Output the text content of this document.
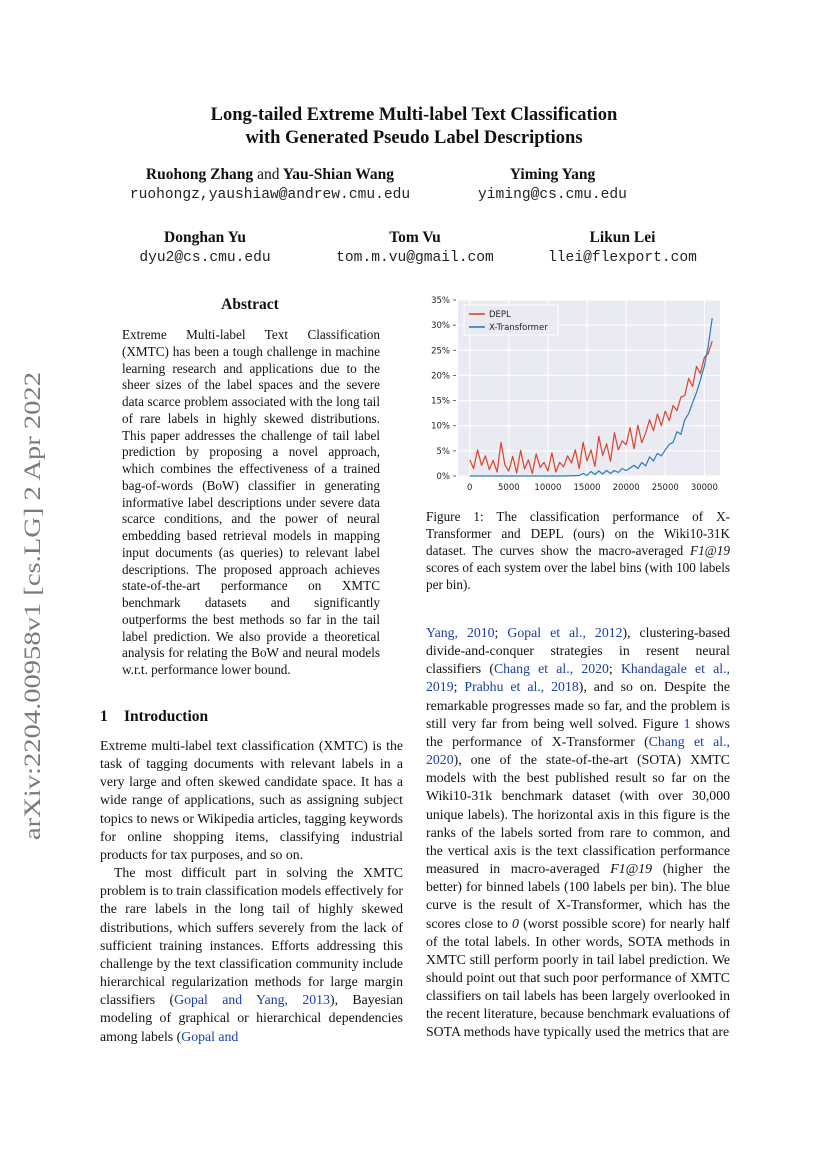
arXiv:2204.00958v1 [cs.LG] 2 Apr 2022
Long-tailed Extreme Multi-label Text Classification
with Generated Pseudo Label Descriptions
Ruohong Zhang and Yau-Shian Wang
ruohongz,yaushiaw@andrew.cmu.edu
Yiming Yang
yiming@cs.cmu.edu
Donghan Yu
dyu2@cs.cmu.edu
Tom Vu
tom.m.vu@gmail.com
Likun Lei
llei@flexport.com
Abstract
Extreme Multi-label Text Classification (XMTC) has been a tough challenge in machine learning research and applications due to the sheer sizes of the label spaces and the severe data scarce problem associated with the long tail of rare labels in highly skewed distributions. This paper addresses the challenge of tail label prediction by proposing a novel approach, which combines the effectiveness of a trained bag-of-words (BoW) classifier in generating informative label descriptions under severe data scarce conditions, and the power of neural embedding based retrieval models in mapping input documents (as queries) to relevant label descriptions. The proposed approach achieves state-of-the-art performance on XMTC benchmark datasets and significantly outperforms the best methods so far in the tail label prediction. We also provide a theoretical analysis for relating the BoW and neural models w.r.t. performance lower bound.
1 Introduction

Extreme multi-label text classification (XMTC) is the task of tagging documents with relevant labels in a very large and often skewed candidate space. It has a wide range of applications, such as assigning subject topics to news or Wikipedia articles, tagging keywords for online shopping items, classifying industrial products for tax purposes, and so on.

The most difficult part in solving the XMTC problem is to train classification models effectively for the rare labels in the long tail of highly skewed distributions, which suffers severely from the lack of sufficient training instances. Efforts addressing this challenge by the text classification community include hierarchical regularization methods for large margin classifiers (Gopal and Yang, 2013), Bayesian modeling of graphical or hierarchical dependencies among labels (Gopal and

0%
5%
10%
15%
20%
25%
30%
35%
0	5000 10000 15000 20000 25000 30000
DEPL
X-Transformer
Figure 1: The classification performance of X-Transformer and DEPL (ours) on the Wiki10-31K dataset. The curves show the macro-averaged F1@19 scores of each system over the label bins (with 100 labels per bin).

Yang, 2010; Gopal et al., 2012), clustering-based divide-and-conquer strategies in resent neural classifiers (Chang et al., 2020; Khandagale et al., 2019; Prabhu et al., 2018), and so on. Despite the remarkable progresses made so far, and the problem is still very far from being well solved. Figure 1 shows the performance of X-Transformer (Chang et al., 2020), one of the state-of-the-art (SOTA) XMTC models with the best published result so far on the Wiki10-31k benchmark dataset (with over 30,000 unique labels). The horizontal axis in this figure is the ranks of the labels sorted from rare to common, and the vertical axis is the text classification performance measured in macro-averaged F1@19 (higher the better) for binned labels (100 labels per bin). The blue curve is the result of X-Transformer, which has the scores close to 0 (worst possible score) for nearly half of the total labels. In other words, SOTA methods in XMTC still perform poorly in tail label prediction. We should point out that such poor performance of XMTC classifiers on tail labels has been largely overlooked in the recent literature, because benchmark evaluations of SOTA methods have typically used the metrics that are
